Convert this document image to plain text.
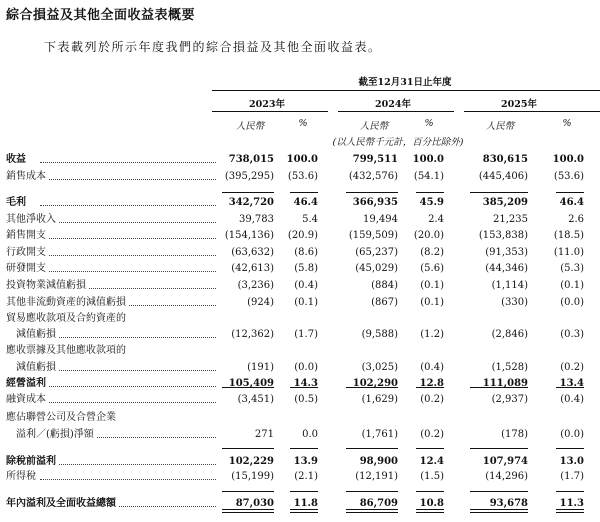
綜合損益及其他全面收益表概要
下表載列於所示年度我們的綜合損益及其他全面收益表。
截至12月31日止年度
2023年	2024年	2025年
人民幣	%	人民幣	%	人民幣	%
(以人民幣千元計，百分比除外)
收益	738,015	100.0	799,511	100.0	830,615	100.0
銷售成本	(395,295)	(53.6)	(432,576)	(54.1)	(445,406)	(53.6)
毛利	342,720	46.4	366,935	45.9	385,209	46.4
其他淨收入	39,783	5.4	19,494	2.4	21,235	2.6
銷售開支	(154,136)	(20.9)	(159,509)	(20.0)	(153,838)	(18.5)
行政開支	(63,632)	(8.6)	(65,237)	(8.2)	(91,353)	(11.0)
研發開支	(42,613)	(5.8)	(45,029)	(5.6)	(44,346)	(5.3)
投資物業減值虧損	(3,236)	(0.4)	(884)	(0.1)	(1,114)	(0.1)
其他非流動資產的減值虧損	(924)	(0.1)	(867)	(0.1)	(330)	(0.0)
貿易應收款項及合約資產的
　減值虧損	(12,362)	(1.7)	(9,588)	(1.2)	(2,846)	(0.3)
應收票據及其他應收款項的
　減值虧損	(191)	(0.0)	(3,025)	(0.4)	(1,528)	(0.2)
經營溢利	105,409	14.3	102,290	12.8	111,089	13.4
融資成本	(3,451)	(0.5)	(1,629)	(0.2)	(2,937)	(0.4)
應佔聯營公司及合營企業
　溢利／(虧損)淨額	271	0.0	(1,761)	(0.2)	(178)	(0.0)
除稅前溢利	102,229	13.9	98,900	12.4	107,974	13.0
所得稅	(15,199)	(2.1)	(12,191)	(1.5)	(14,296)	(1.7)
年內溢利及全面收益總額	87,030	11.8	86,709	10.8	93,678	11.3
